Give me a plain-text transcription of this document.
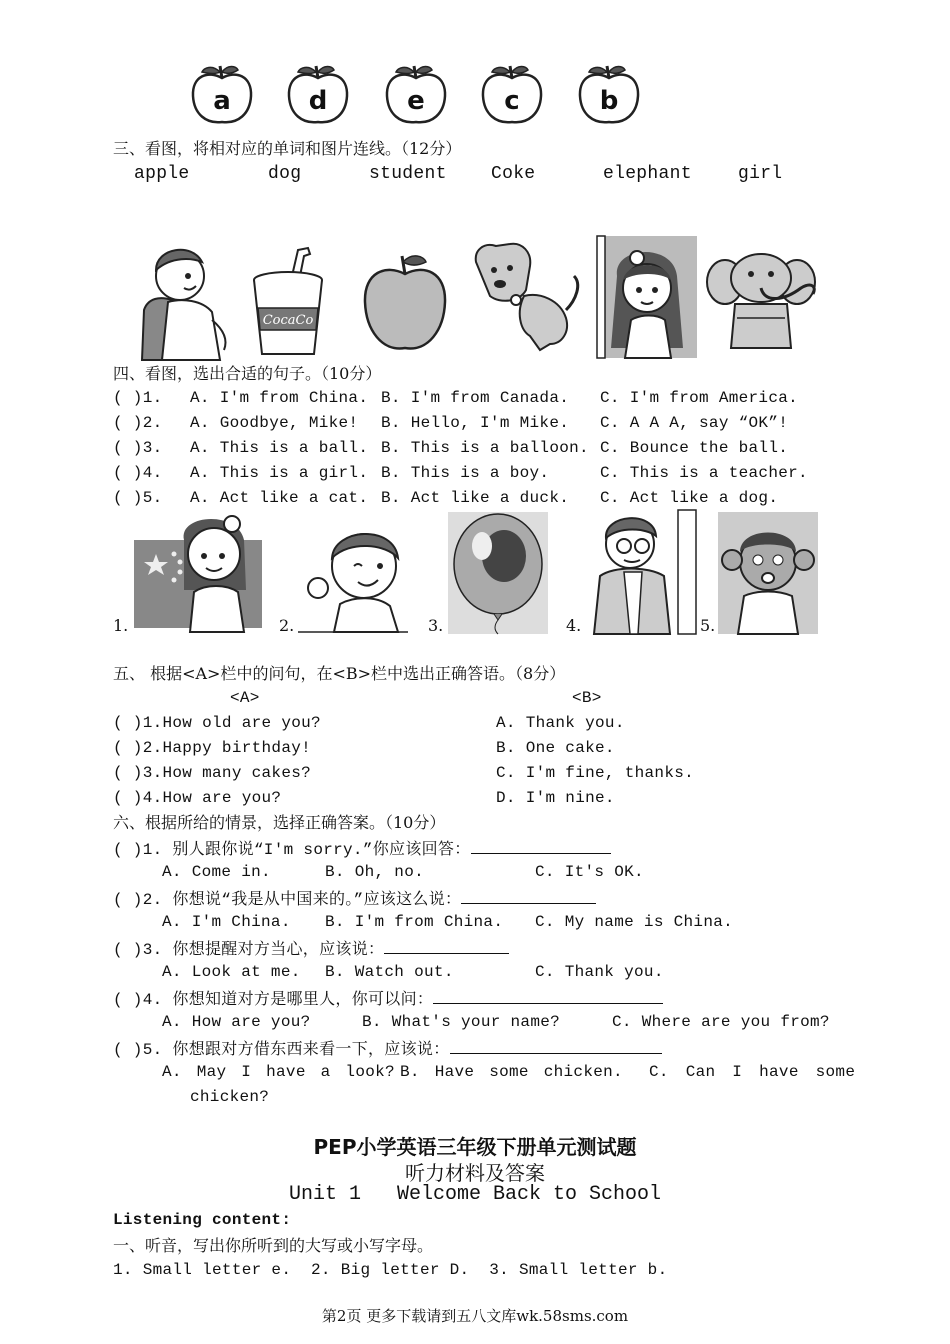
a	d	e	c	b
三、看图，将相对应的单词和图片连线。（12分）
apple	dog	student Coke	elephant	girl
CocaCo
四、看图，选出合适的句子。（10分）
( )1. A. I'm from China. B. I'm from Canada. C. I'm from America.
( )2. A. Goodbye, Mike! B. Hello, I'm Mike. C. A A A, say “OK”!
( )3. A. This is a ball. B. This is a balloon. C. Bounce the ball.
( )4. A. This is a girl. B. This is a boy.	C. This is a teacher.
( )5. A. Act like a cat. B. Act like a duck. C. Act like a dog.
1.	2.	3.	4.	5.
五、 根据<A>栏中的问句，在<B>栏中选出正确答语。（8分）
<A>	<B>
( )1.How old are you?	A. Thank you.
( )2.Happy birthday!	B. One cake.
( )3.How many cakes?	C. I'm fine, thanks.
( )4.How are you?	D. I'm nine.
六、根据所给的情景，选择正确答案。（10分）
( )1. 别人跟你说“I'm sorry.”你应该回答：
A. Come in.	B. Oh, no.	C. It's OK.
( )2. 你想说“我是从中国来的。”应该这么说：
A. I'm China. B. I'm from China. C. My name is China.
( )3. 你想提醒对方当心，应该说：
A. Look at me. B. Watch out.	C. Thank you.
( )4. 你想知道对方是哪里人，你可以问：
A. How are you?	B. What's your name?	C. Where are you from?
( )5. 你想跟对方借东西来看一下，应该说：
A. May I have a look? B. Have some chicken. C. Can I have some
chicken?
PEP小学英语三年级下册单元测试题
听力材料及答案
Unit 1   Welcome Back to School
Listening content:
一、听音，写出你所听到的大写或小写字母。
1. Small letter e.  2. Big letter D.  3. Small letter b.
第2页 更多下载请到五八文库wk.58sms.com
